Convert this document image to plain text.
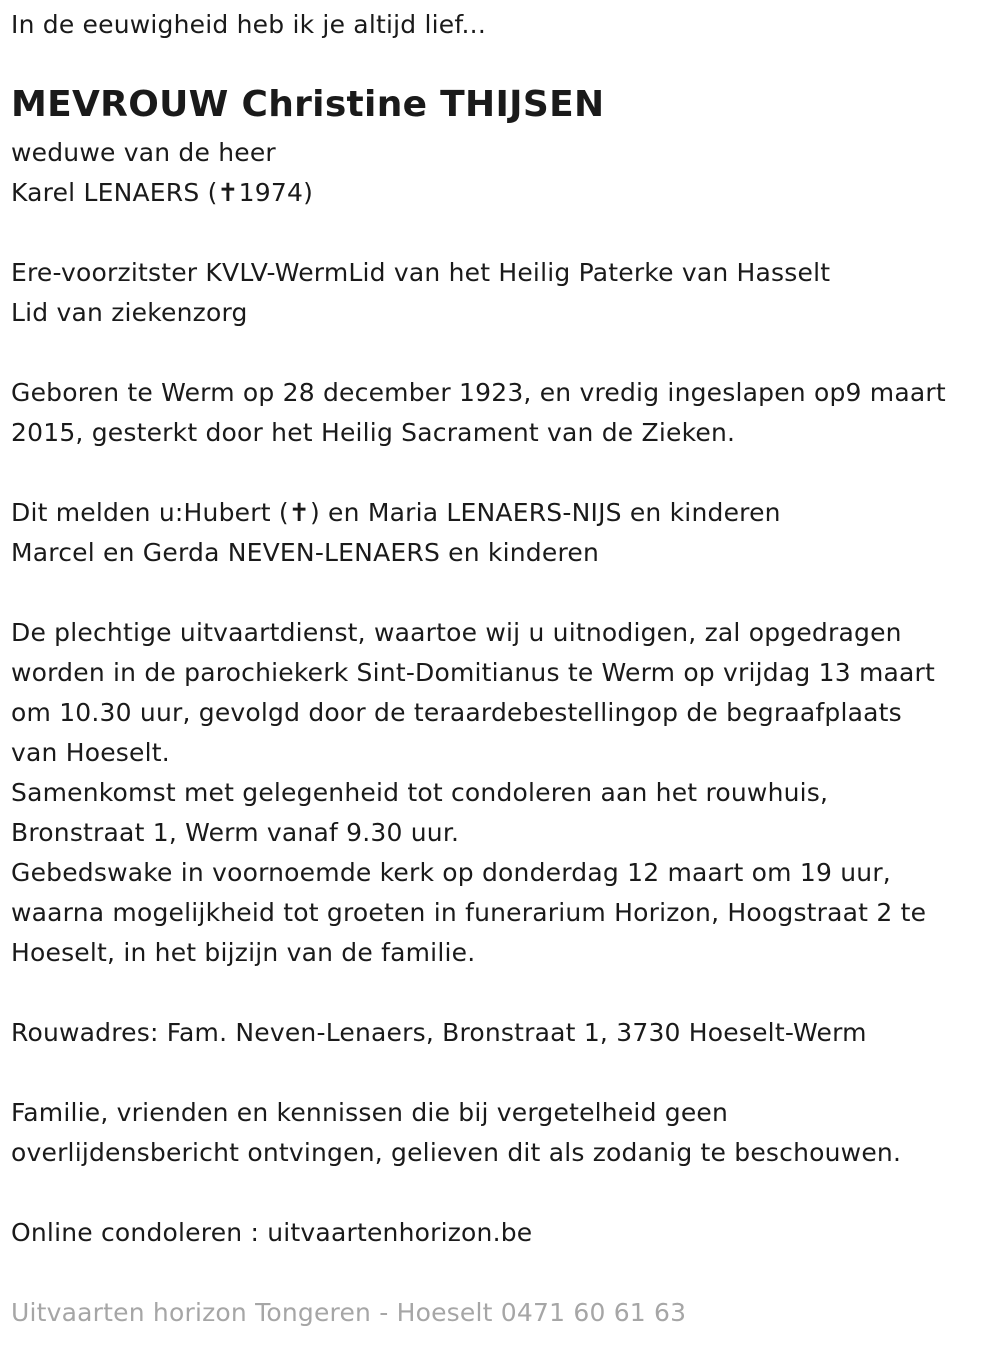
In de eeuwigheid heb ik je altijd lief...
MEVROUW Christine THIJSEN
weduwe van de heer
Karel LENAERS (✝1974)
Ere-voorzitster KVLV-WermLid van het Heilig Paterke van Hasselt
Lid van ziekenzorg
Geboren te Werm op 28 december 1923, en vredig ingeslapen op9 maart
2015, gesterkt door het Heilig Sacrament van de Zieken.
Dit melden u:Hubert (✝) en Maria LENAERS-NIJS en kinderen
Marcel en Gerda NEVEN-LENAERS en kinderen
De plechtige uitvaartdienst, waartoe wij u uitnodigen, zal opgedragen
worden in de parochiekerk Sint-Domitianus te Werm op vrijdag 13 maart
om 10.30 uur, gevolgd door de teraardebestellingop de begraafplaats
van Hoeselt.
Samenkomst met gelegenheid tot condoleren aan het rouwhuis,
Bronstraat 1, Werm vanaf 9.30 uur.
Gebedswake in voornoemde kerk op donderdag 12 maart om 19 uur,
waarna mogelijkheid tot groeten in funerarium Horizon, Hoogstraat 2 te
Hoeselt, in het bijzijn van de familie.
Rouwadres: Fam. Neven-Lenaers, Bronstraat 1, 3730 Hoeselt-Werm
Familie, vrienden en kennissen die bij vergetelheid geen
overlijdensbericht ontvingen, gelieven dit als zodanig te beschouwen.
Online condoleren : uitvaartenhorizon.be
Uitvaarten horizon Tongeren - Hoeselt 0471 60 61 63
